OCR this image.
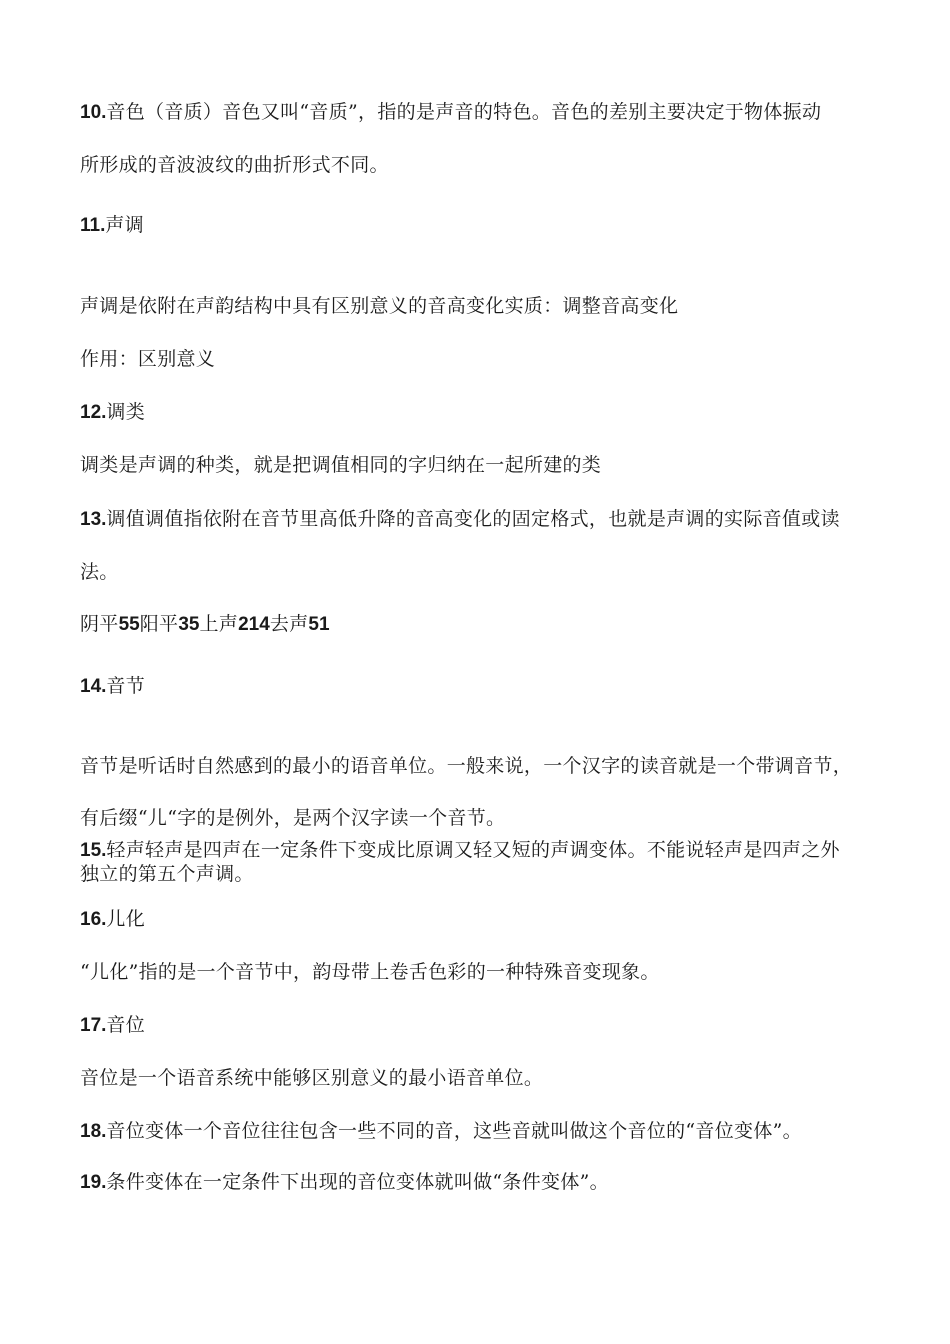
10.音色（音质）音色又叫“音质”，指的是声音的特色。音色的差别主要决定于物体振动
所形成的音波波纹的曲折形式不同。
11.声调
声调是依附在声韵结构中具有区别意义的音高变化实质：调整音高变化
作用：区别意义
12.调类
调类是声调的种类，就是把调值相同的字归纳在一起所建的类
13.调值调值指依附在音节里高低升降的音高变化的固定格式，也就是声调的实际音值或读
法。
阴平55阳平35上声214去声51
14.音节
音节是听话时自然感到的最小的语音单位。一般来说，一个汉字的读音就是一个带调音节，
有后缀“儿“字的是例外，是两个汉字读一个音节。
15.轻声轻声是四声在一定条件下变成比原调又轻又短的声调变体。不能说轻声是四声之外
独立的第五个声调。
16.儿化
“儿化”指的是一个音节中，韵母带上卷舌色彩的一种特殊音变现象。
17.音位
音位是一个语音系统中能够区别意义的最小语音单位。
18.音位变体一个音位往往包含一些不同的音，这些音就叫做这个音位的“音位变体”。
19.条件变体在一定条件下出现的音位变体就叫做“条件变体”。
